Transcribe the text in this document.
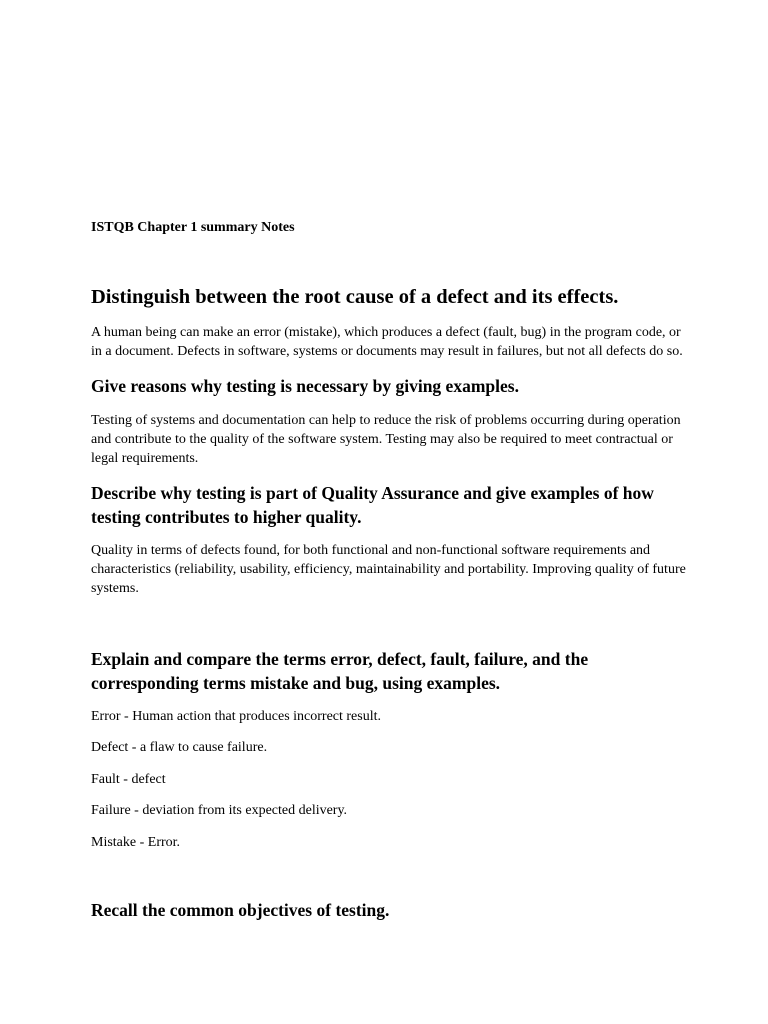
ISTQB Chapter 1 summary Notes
Distinguish between the root cause of a defect and its effects.

A human being can make an error (mistake), which produces a defect (fault, bug) in the program code, or in a document. Defects in software, systems or documents may result in failures, but not all defects do so.

Give reasons why testing is necessary by giving examples.

Testing of systems and documentation can help to reduce the risk of problems occurring during operation and contribute to the quality of the software system. Testing may also be required to meet contractual or legal requirements.

Describe why testing is part of Quality Assurance and give examples of how testing contributes to higher quality.

Quality in terms of defects found, for both functional and non-functional software requirements and characteristics (reliability, usability, efficiency, maintainability and portability. Improving quality of future systems.

Explain and compare the terms error, defect, fault, failure, and the corresponding terms mistake and bug, using examples.

Error - Human action that produces incorrect result.

Defect - a flaw to cause failure.

Fault - defect

Failure - deviation from its expected delivery.

Mistake - Error.

Recall the common objectives of testing.
